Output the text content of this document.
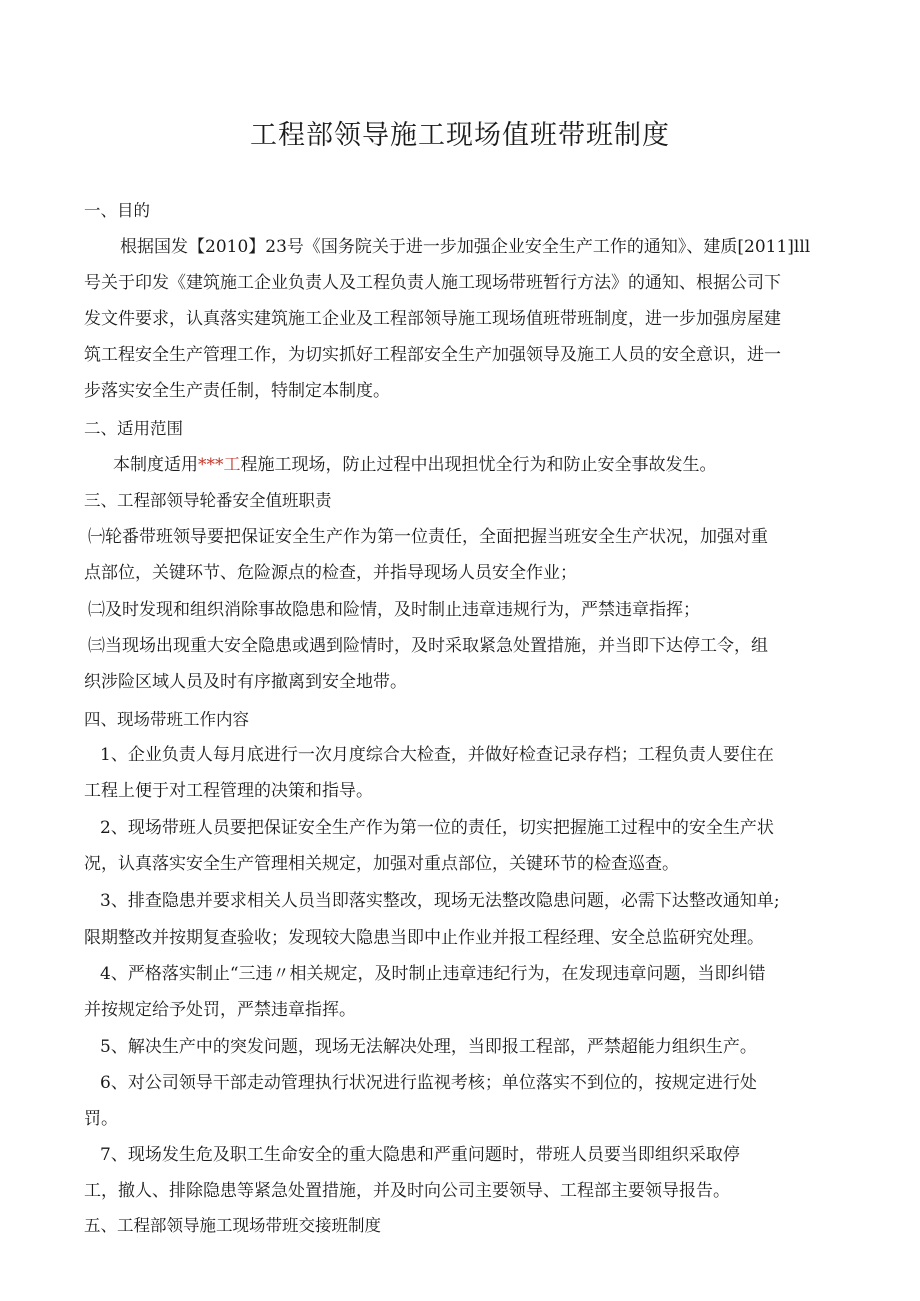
工程部领导施工现场值班带班制度

一、目的

根据国发【2010】23号《国务院关于进一步加强企业安全生产工作的通知》、建质[2011]lll

号关于印发《建筑施工企业负责人及工程负责人施工现场带班暂行方法》的通知、根据公司下

发文件要求，认真落实建筑施工企业及工程部领导施工现场值班带班制度，进一步加强房屋建

筑工程安全生产管理工作，为切实抓好工程部安全生产加强领导及施工人员的安全意识，进一

步落实安全生产责任制，特制定本制度。

二、适用范围

本制度适用***工程施工现场，防止过程中出现担忧全行为和防止安全事故发生。

三、工程部领导轮番安全值班职责

㈠轮番带班领导要把保证安全生产作为第一位责任，全面把握当班安全生产状况，加强对重

点部位，关键环节、危险源点的检查，并指导现场人员安全作业；

㈡及时发现和组织消除事故隐患和险情，及时制止违章违规行为，严禁违章指挥；

㈢当现场出现重大安全隐患或遇到险情时，及时采取紧急处置措施，并当即下达停工令，组

织涉险区域人员及时有序撤离到安全地带。

四、现场带班工作内容

1、企业负责人每月底进行一次月度综合大检查，并做好检查记录存档；工程负责人要住在

工程上便于对工程管理的决策和指导。

2、现场带班人员要把保证安全生产作为第一位的责任，切实把握施工过程中的安全生产状

况，认真落实安全生产管理相关规定，加强对重点部位，关键环节的检查巡查。

3、排查隐患并要求相关人员当即落实整改，现场无法整改隐患问题，必需下达整改通知单;

限期整改并按期复查验收；发现较大隐患当即中止作业并报工程经理、安全总监研究处理。

4、严格落实制止“三违〃相关规定，及时制止违章违纪行为，在发现违章问题，当即纠错

并按规定给予处罚，严禁违章指挥。

5、解决生产中的突发问题，现场无法解决处理，当即报工程部，严禁超能力组织生产。

6、对公司领导干部走动管理执行状况进行监视考核；单位落实不到位的，按规定进行处

罚。

7、现场发生危及职工生命安全的重大隐患和严重问题时，带班人员要当即组织采取停

工，撤人、排除隐患等紧急处置措施，并及时向公司主要领导、工程部主要领导报告。

五、工程部领导施工现场带班交接班制度
